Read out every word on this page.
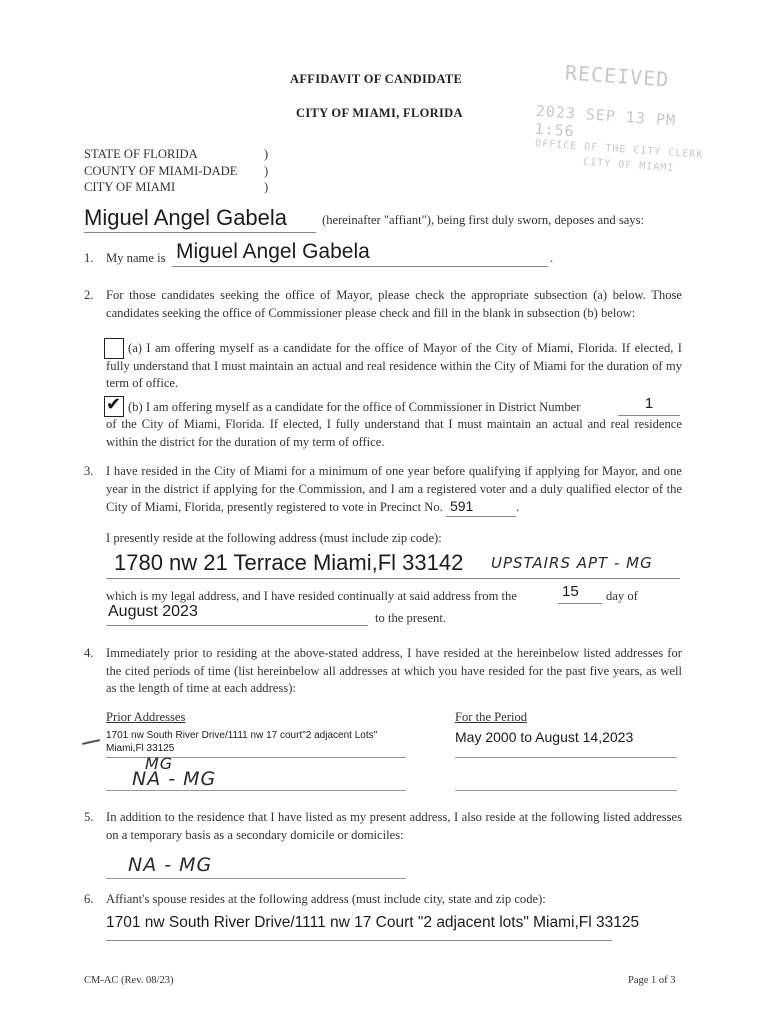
AFFIDAVIT OF CANDIDATE
CITY OF MIAMI, FLORIDA
RECEIVED
2023 SEP 13 PM 1:56
OFFICE OF THE CITY CLERK
CITY OF MIAMI
STATE OF FLORIDA
COUNTY OF MIAMI-DADE
CITY OF MIAMI
)
)
)
Miguel Angel Gabela	(hereinafter "affiant"), being first duly sworn, deposes and says:
1. My name is Miguel Angel Gabela	.
2. For those candidates seeking the office of Mayor, please check the appropriate subsection (a) below. Those candidates seeking the office of Commissioner please check and fill in the blank in subsection (b) below:
(a) I am offering myself as a candidate for the office of Mayor of the City of Miami, Florida. If elected, I fully understand that I must maintain an actual and real residence within the City of Miami for the duration of my term of office.
✔ (b) I am offering myself as a candidate for the office of Commissioner in District Number	1
of the City of Miami, Florida. If elected, I fully understand that I must maintain an actual and real residence within the district for the duration of my term of office.
3. I have resided in the City of Miami for a minimum of one year before qualifying if applying for Mayor, and one year in the district if applying for the Commission, and I am a registered voter and a duly qualified elector of the City of Miami, Florida, presently registered to vote in Precinct No. 591	.
I presently reside at the following address (must include zip code):
1780 nw 21 Terrace Miami,Fl 33142 UPSTAIRS APT - MG
which is my legal address, and I have resided continually at said address from the	15	day of
August 2023	to the present.
4. Immediately prior to residing at the above-stated address, I have resided at the hereinbelow listed addresses for the cited periods of time (list hereinbelow all addresses at which you have resided for the past five years, as well as the length of time at each address):
Prior Addresses	For the Period
1701 nw South River Drive/1111 nw 17 court"2 adjacent Lots"
Miami,Fl 33125
May 2000 to August 14,2023
MG
NA - MG
5. In addition to the residence that I have listed as my present address, I also reside at the following listed addresses on a temporary basis as a secondary domicile or domiciles:
NA - MG
6. Affiant's spouse resides at the following address (must include city, state and zip code):
1701 nw South River Drive/1111 nw 17 Court "2 adjacent lots" Miami,Fl 33125
CM-AC (Rev. 08/23)	Page 1 of 3
